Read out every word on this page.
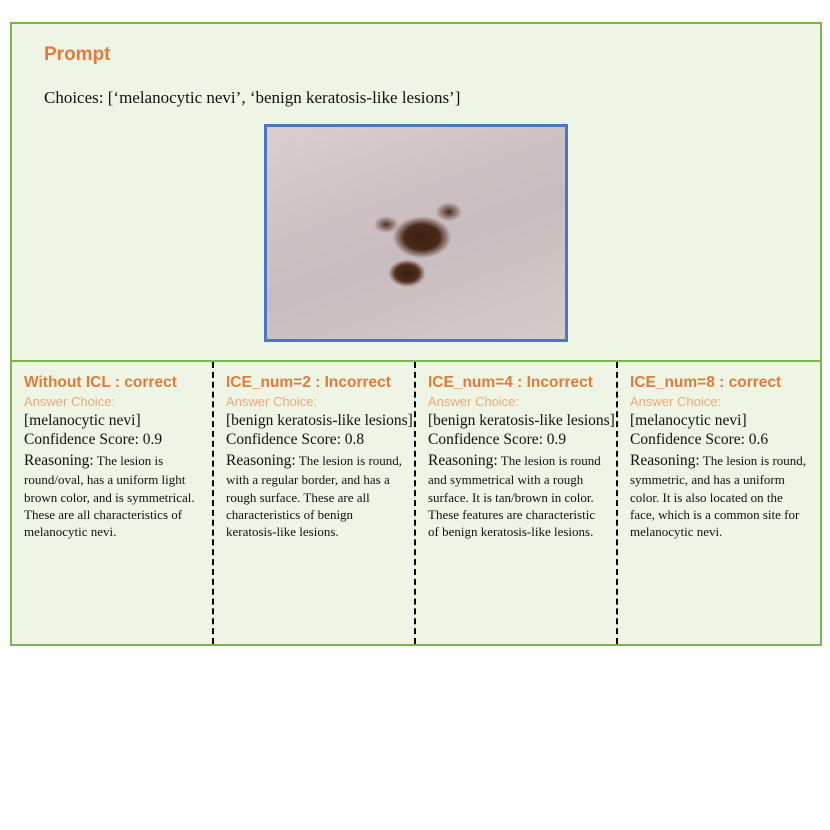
Prompt
Choices: [‘melanocytic nevi’, ‘benign keratosis-like lesions’]
Without ICL : correct
Answer Choice:
[melanocytic nevi]
Confidence Score: 0.9
Reasoning: The lesion is round/oval, has a uniform light brown color, and is symmetrical. These are all characteristics of melanocytic nevi.
ICE_num=2 : Incorrect
Answer Choice:
[benign keratosis-like lesions]
Confidence Score: 0.8
Reasoning: The lesion is round, with a regular border, and has a rough surface. These are all characteristics of benign keratosis-like lesions.
ICE_num=4 : Incorrect
Answer Choice:
[benign keratosis-like lesions]
Confidence Score: 0.9
Reasoning: The lesion is round and symmetrical with a rough surface. It is tan/brown in color. These features are characteristic of benign keratosis-like lesions.
ICE_num=8 : correct
Answer Choice:
[melanocytic nevi]
Confidence Score: 0.6
Reasoning: The lesion is round, symmetric, and has a uniform color. It is also located on the face, which is a common site for melanocytic nevi.
